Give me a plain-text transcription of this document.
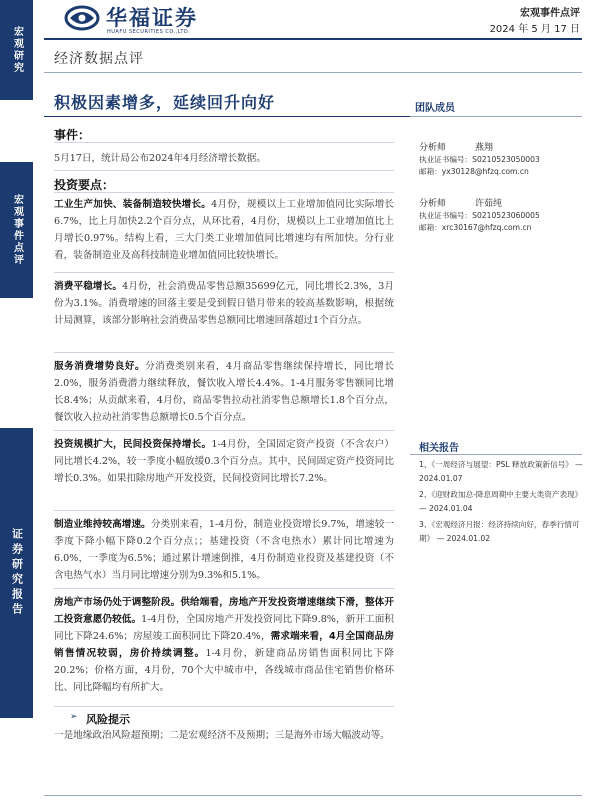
宏观研究
宏观事件点评
证券研究报告
华福证券
HUAFU SECURITIES CO.,LTD.
宏观事件点评
2024 年 5 月 17 日
经济数据点评
积极因素增多，延续回升向好
事件：
5月17日，统计局公布2024年4月经济增长数据。
投资要点：
工业生产加快、装备制造较快增长。4月份，规模以上工业增加值同比实际增长6.7%，比上月加快2.2个百分点，从环比看，4月份，规模以上工业增加值比上月增长0.97%。结构上看，三大门类工业增加值同比增速均有所加快。分行业看，装备制造业及高科技制造业增加值同比较快增长。
消费平稳增长。4月份，社会消费品零售总额35699亿元，同比增长2.3%，3月份为3.1%。消费增速的回落主要是受到假日错月带来的较高基数影响，根据统计局测算，该部分影响社会消费品零售总额同比增速回落超过1个百分点。
服务消费增势良好。分消费类别来看，4月商品零售继续保持增长，同比增长2.0%，服务消费潜力继续释放，餐饮收入增长4.4%。1-4月服务零售额同比增长8.4%；从贡献来看，4月份，商品零售拉动社消零售总额增长1.8个百分点，餐饮收入拉动社消零售总额增长0.5个百分点。
投资规模扩大，民间投资保持增长。1-4月份，全国固定资产投资（不含农户）同比增长4.2%，较一季度小幅放缓0.3个百分点。其中，民间固定资产投资同比增长0.3%。如果扣除房地产开发投资，民间投资同比增长7.2%。
制造业维持较高增速。分类别来看，1-4月份，制造业投资增长9.7%，增速较一季度下降小幅下降0.2个百分点；；基建投资（不含电热水）累计同比增速为6.0%，一季度为6.5%；通过累计增速倒推，4月份制造业投资及基建投资（不含电热气水）当月同比增速分别为9.3%和5.1%。
房地产市场仍处于调整阶段。供给端看，房地产开发投资增速继续下滑，整体开工投资意愿仍较低。1-4月份，全国房地产开发投资同比下降9.8%，新开工面积同比下降24.6%；房屋竣工面积同比下降20.4%，需求端来看，4月全国商品房销售情况较弱，房价持续调整。1-4月份，新建商品房销售面积同比下降20.2%；价格方面，4月份，70个大中城市中，各线城市商品住宅销售价格环比、同比降幅均有所扩大。
➢ 风险提示
一是地缘政治风险超预期；二是宏观经济不及预期；三是海外市场大幅波动等。
团队成员
分析师	燕翔
执业证书编号：S0210523050003
邮箱：yx30128@hfzq.com.cn
分析师	许茹纯
执业证书编号：S0210523060005
邮箱：xrc30167@hfzq.com.cn
相关报告
1、《一周经济与展望：PSL 释放政策新信号》 — 2024.01.07
2、《迎财政加总-降息周期中主要大类资产表现》 — 2024.01.04
3、《宏观经济月报：经济持续向好，春季行情可期》 — 2024.01.02
